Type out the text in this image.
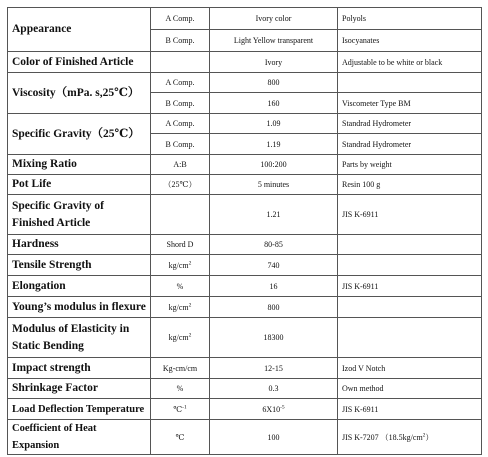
Appearance	A Comp.	Ivory color	Polyols
	B Comp.	Light Yellow transparent	Isocyanates
Color of Finished Article		Ivory	Adjustable to be white or black
Viscosity（mPa. s,25℃）	A Comp.	800	
	B Comp.	160	Viscometer Type BM
Specific Gravity（25℃）	A Comp.	1.09	Standrad Hydrometer
	B Comp.	1.19	Standrad Hydrometer
Mixing Ratio	A:B	100:200	Parts by weight
Pot Life	（25℃）	5 minutes	Resin 100 g
Specific Gravity of Finished Article		1.21	JIS K-6911
Hardness	Shord D	80-85	
Tensile Strength	$kg/cm^2$	740	
Elongation	%	16	JIS K-6911
Young’s modulus in flexure	$kg/cm^2$	800	
Modulus of Elasticity in Static Bending	$kg/cm^2$	18300	
Impact strength	Kg-cm/cm	12-15	Izod V Notch
Shrinkage Factor	%	0.3	Own method
Load Deflection Temperature	℃$^{-1}$	$6X10^{-5}$	JIS K-6911
Coefficient of Heat Expansion	℃	100	JIS K-7207 $(18.5kg/cm^2)$
